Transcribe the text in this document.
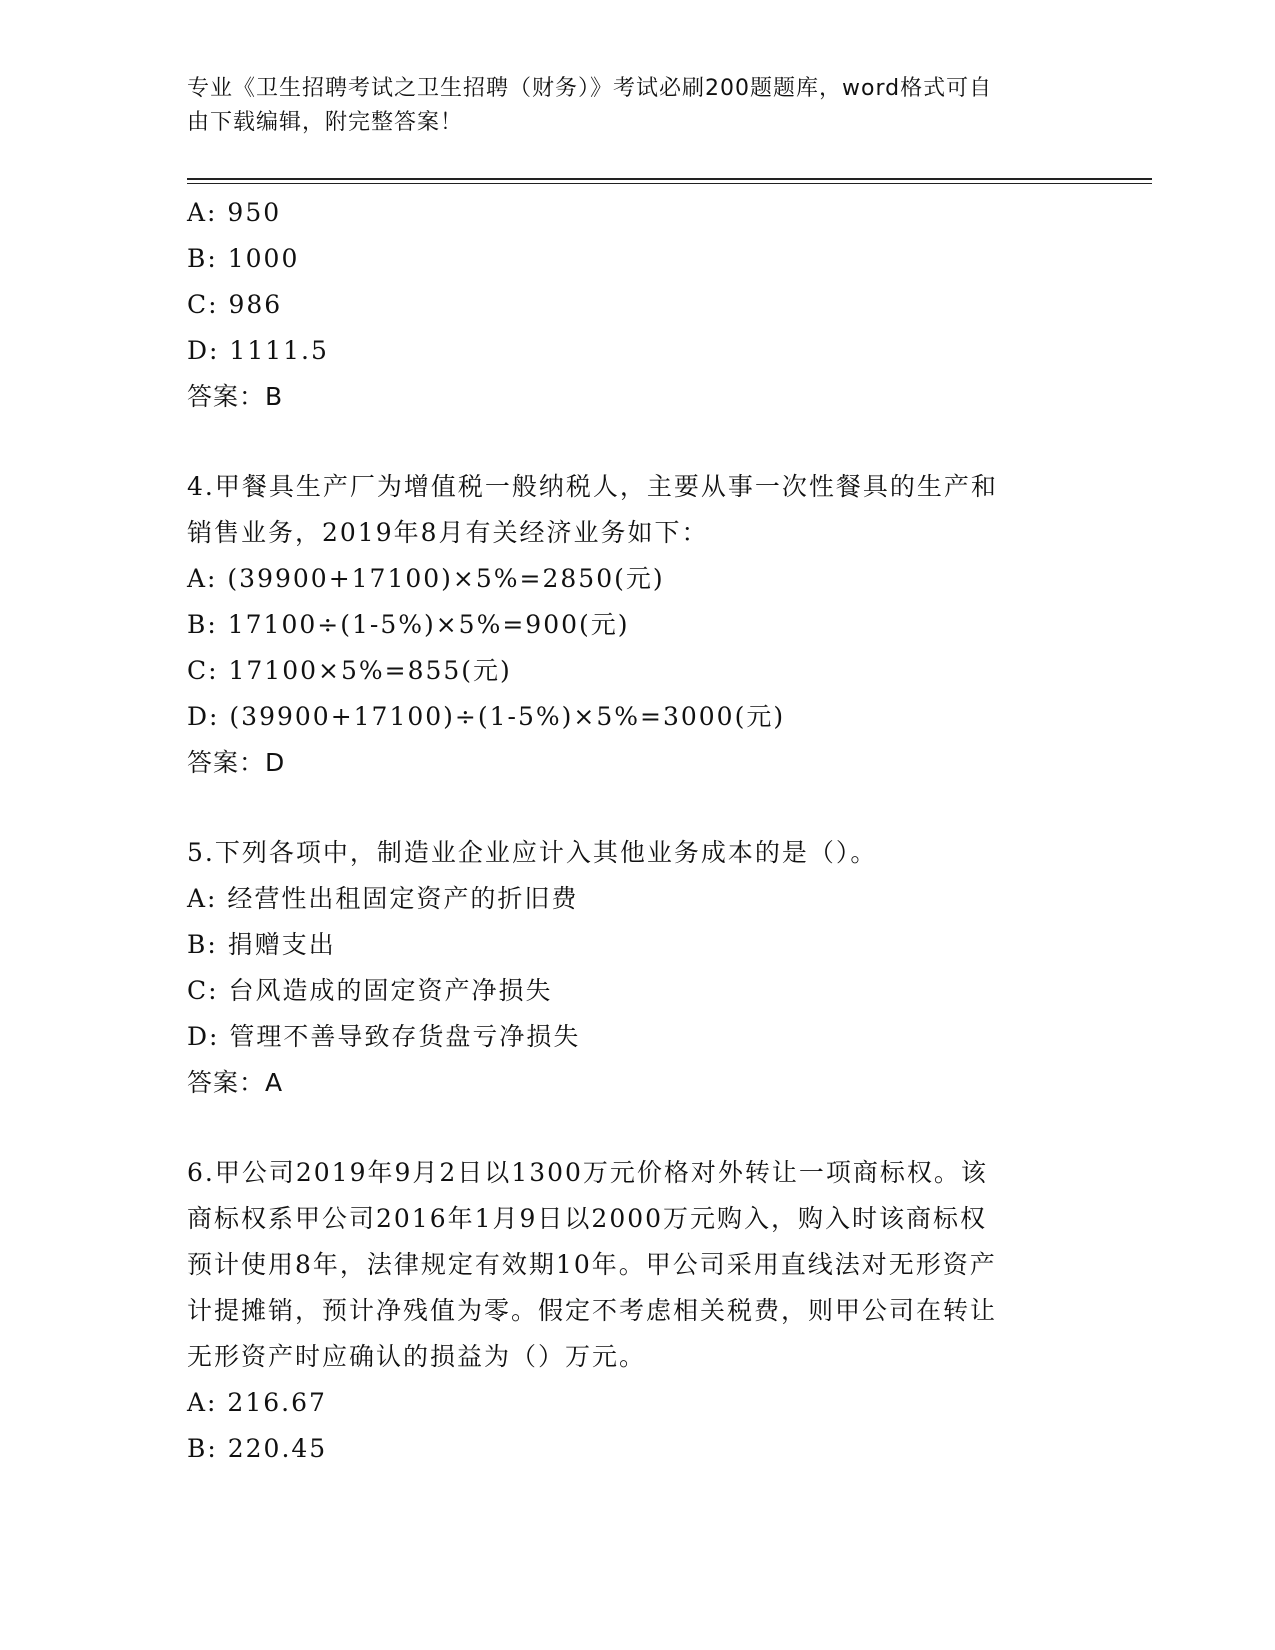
专业《卫生招聘考试之卫生招聘（财务）》考试必刷200题题库，word格式可自
由下载编辑，附完整答案！
A: 950
B: 1000
C: 986
D: 1111.5
答案：B
4.甲餐具生产厂为增值税一般纳税人，主要从事一次性餐具的生产和
销售业务，2019年8月有关经济业务如下：
A: (39900+17100)×5%=2850(元)
B: 17100÷(1-5%)×5%=900(元)
C: 17100×5%=855(元)
D: (39900+17100)÷(1-5%)×5%=3000(元)
答案：D
5.下列各项中，制造业企业应计入其他业务成本的是（）。
A: 经营性出租固定资产的折旧费
B: 捐赠支出
C: 台风造成的固定资产净损失
D: 管理不善导致存货盘亏净损失
答案：A
6.甲公司2019年9月2日以1300万元价格对外转让一项商标权。该
商标权系甲公司2016年1月9日以2000万元购入，购入时该商标权
预计使用8年，法律规定有效期10年。甲公司采用直线法对无形资产
计提摊销，预计净残值为零。假定不考虑相关税费，则甲公司在转让
无形资产时应确认的损益为（）万元。
A: 216.67
B: 220.45
